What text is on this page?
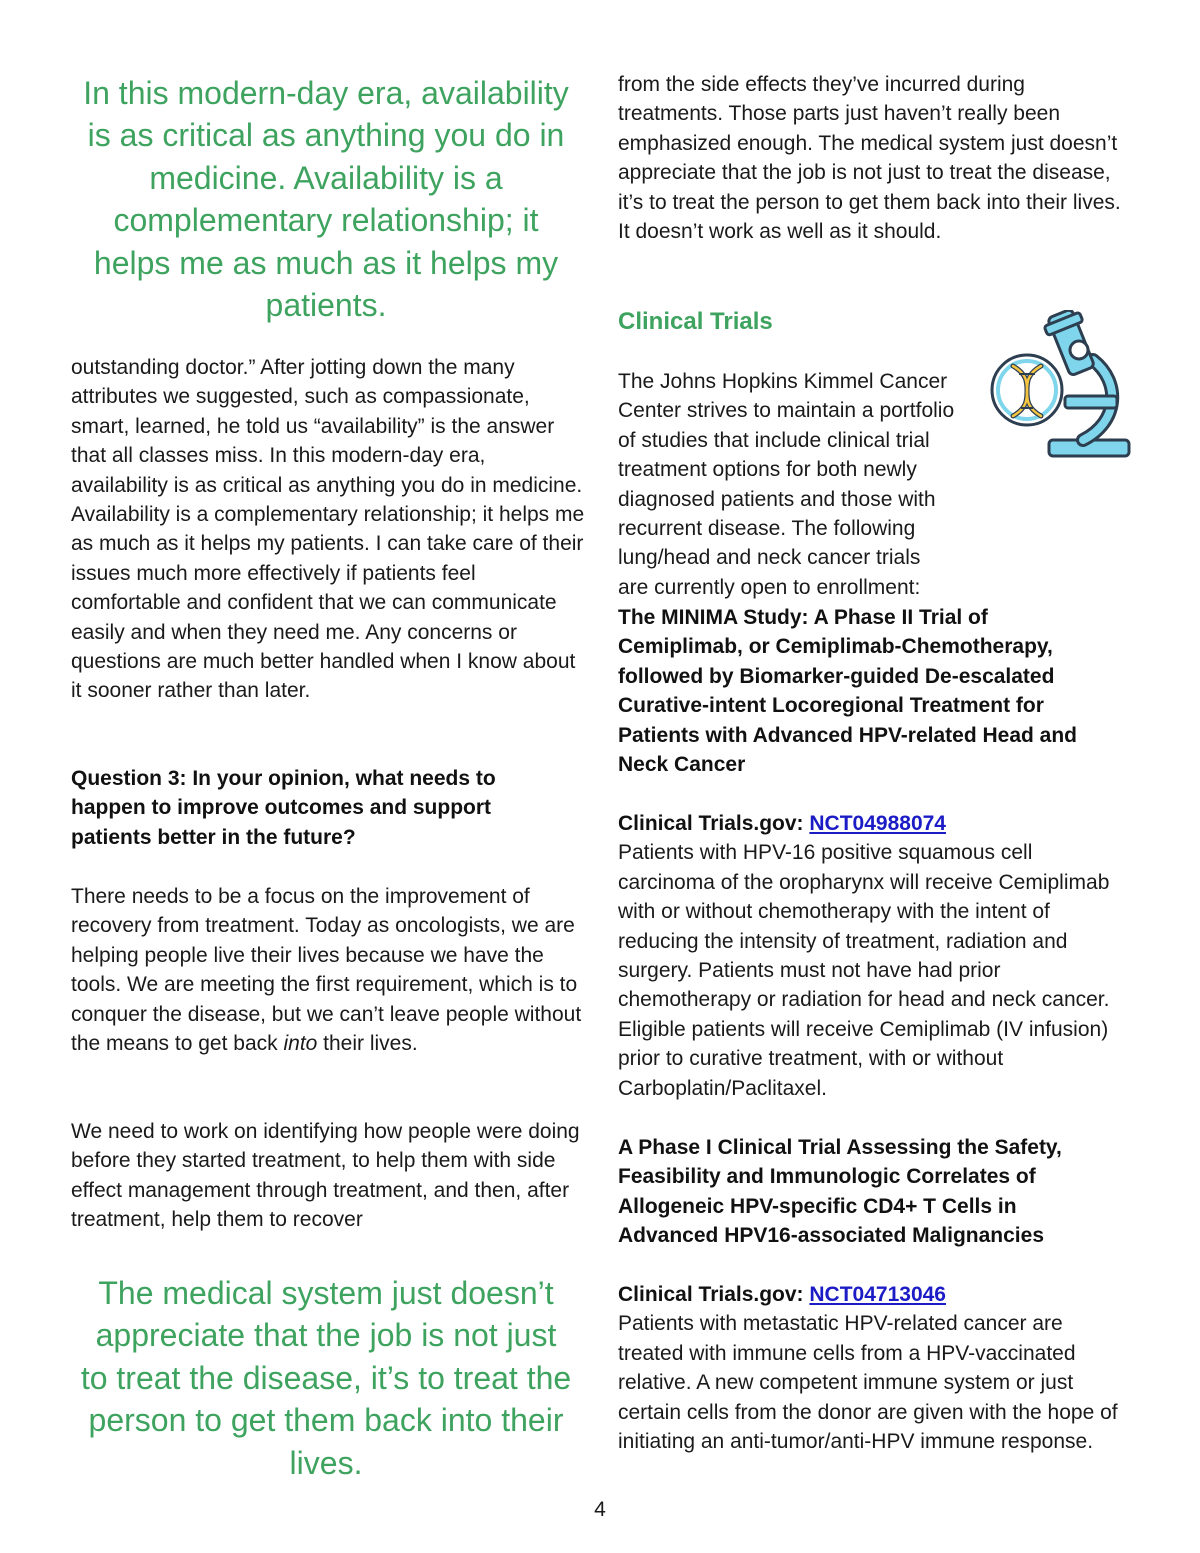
In this modern-day era, availability is as critical as anything you do in medicine. Availability is a complementary relationship; it helps me as much as it helps my patients.

outstanding doctor.” After jotting down the many attributes we suggested, such as compassionate, smart, learned, he told us “availability” is the answer that all classes miss. In this modern-day era, availability is as critical as anything you do in medicine. Availability is a complementary relationship; it helps me as much as it helps my patients. I can take care of their issues much more effectively if patients feel comfortable and confident that we can communicate easily and when they need me. Any concerns or questions are much better handled when I know about it sooner rather than later.

Question 3: In your opinion, what needs to happen to improve outcomes and support patients better in the future?

There needs to be a focus on the improvement of recovery from treatment. Today as oncologists, we are helping people live their lives because we have the tools. We are meeting the first requirement, which is to conquer the disease, but we can’t leave people without the means to get back into their lives.

We need to work on identifying how people were doing before they started treatment, to help them with side effect management through treatment, and then, after treatment, help them to recover

The medical system just doesn’t appreciate that the job is not just to treat the disease, it’s to treat the person to get them back into their lives.

from the side effects they’ve incurred during treatments. Those parts just haven’t really been emphasized enough. The medical system just doesn’t appreciate that the job is not just to treat the disease, it’s to treat the person to get them back into their lives. It doesn’t work as well as it should.

Clinical Trials

The Johns Hopkins Kimmel Cancer Center strives to maintain a portfolio of studies that include clinical trial treatment options for both newly diagnosed patients and those with recurrent disease. The following lung/head and neck cancer trials are currently open to enrollment:

The MINIMA Study: A Phase II Trial of Cemiplimab, or Cemiplimab-Chemotherapy, followed by Biomarker-guided De-escalated Curative-intent Locoregional Treatment for Patients with Advanced HPV-related Head and Neck Cancer

Clinical Trials.gov: NCT04988074
Patients with HPV-16 positive squamous cell carcinoma of the oropharynx will receive Cemiplimab with or without chemotherapy with the intent of reducing the intensity of treatment, radiation and surgery. Patients must not have had prior chemotherapy or radiation for head and neck cancer. Eligible patients will receive Cemiplimab (IV infusion) prior to curative treatment, with or without Carboplatin/Paclitaxel.

A Phase I Clinical Trial Assessing the Safety, Feasibility and Immunologic Correlates of Allogeneic HPV-specific CD4+ T Cells in Advanced HPV16-associated Malignancies

Clinical Trials.gov: NCT04713046
Patients with metastatic HPV-related cancer are treated with immune cells from a HPV-vaccinated relative. A new competent immune system or just certain cells from the donor are given with the hope of initiating an anti-tumor/anti-HPV immune response.

4
